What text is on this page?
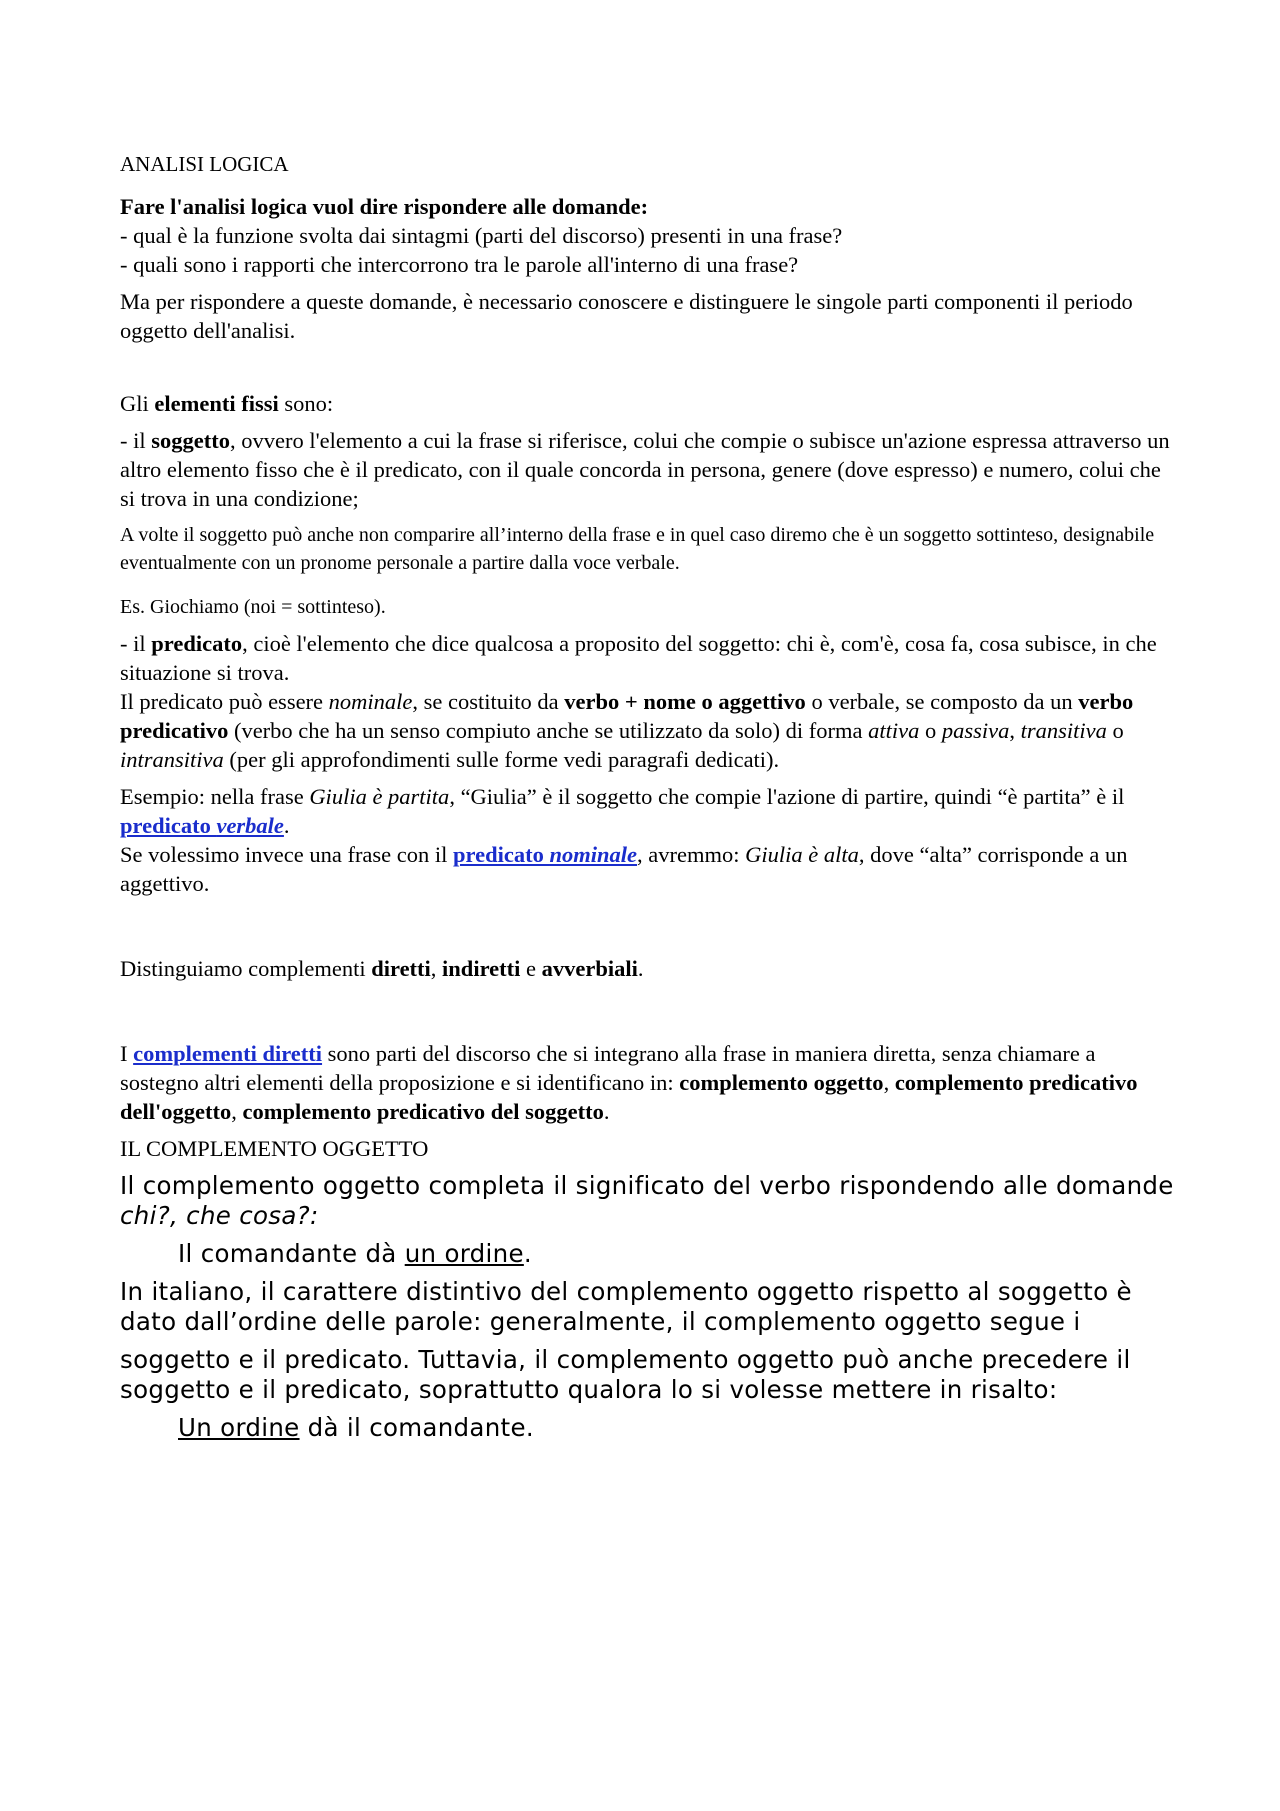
ANALISI LOGICA

Fare l'analisi logica vuol dire rispondere alle domande:

- qual è la funzione svolta dai sintagmi (parti del discorso) presenti in una frase?

- quali sono i rapporti che intercorrono tra le parole all'interno di una frase?

Ma per rispondere a queste domande, è necessario conoscere e distinguere le singole parti componenti il periodo oggetto dell'analisi.

Gli elementi fissi sono:

- il soggetto, ovvero l'elemento a cui la frase si riferisce, colui che compie o subisce un'azione espressa attraverso un altro elemento fisso che è il predicato, con il quale concorda in persona, genere (dove espresso) e numero, colui che si trova in una condizione;

A volte il soggetto può anche non comparire all’interno della frase e in quel caso diremo che è un soggetto sottinteso, designabile eventualmente con un pronome personale a partire dalla voce verbale.

Es. Giochiamo (noi = sottinteso).

- il predicato, cioè l'elemento che dice qualcosa a proposito del soggetto: chi è, com'è, cosa fa, cosa subisce, in che situazione si trova.

Il predicato può essere nominale, se costituito da verbo + nome o aggettivo o verbale, se composto da un verbo predicativo (verbo che ha un senso compiuto anche se utilizzato da solo) di forma attiva o passiva, transitiva o intransitiva (per gli approfondimenti sulle forme vedi paragrafi dedicati).

Esempio: nella frase Giulia è partita, “Giulia” è il soggetto che compie l'azione di partire, quindi “è partita” è il predicato verbale.

Se volessimo invece una frase con il predicato nominale, avremmo: Giulia è alta, dove “alta” corrisponde a un aggettivo.

Distinguiamo complementi diretti, indiretti e avverbiali.

I complementi diretti sono parti del discorso che si integrano alla frase in maniera diretta, senza chiamare a sostegno altri elementi della proposizione e si identificano in: complemento oggetto, complemento predicativo dell'oggetto, complemento predicativo del soggetto.

IL COMPLEMENTO OGGETTO

Il complemento oggetto completa il significato del verbo rispondendo alle domande chi?, che cosa?:

Il comandante dà un ordine.

In italiano, il carattere distintivo del complemento oggetto rispetto al soggetto è dato dall’ordine delle parole: generalmente, il complemento oggetto segue i

soggetto e il predicato. Tuttavia, il complemento oggetto può anche precedere il soggetto e il predicato, soprattutto qualora lo si volesse mettere in risalto:

Un ordine dà il comandante.
